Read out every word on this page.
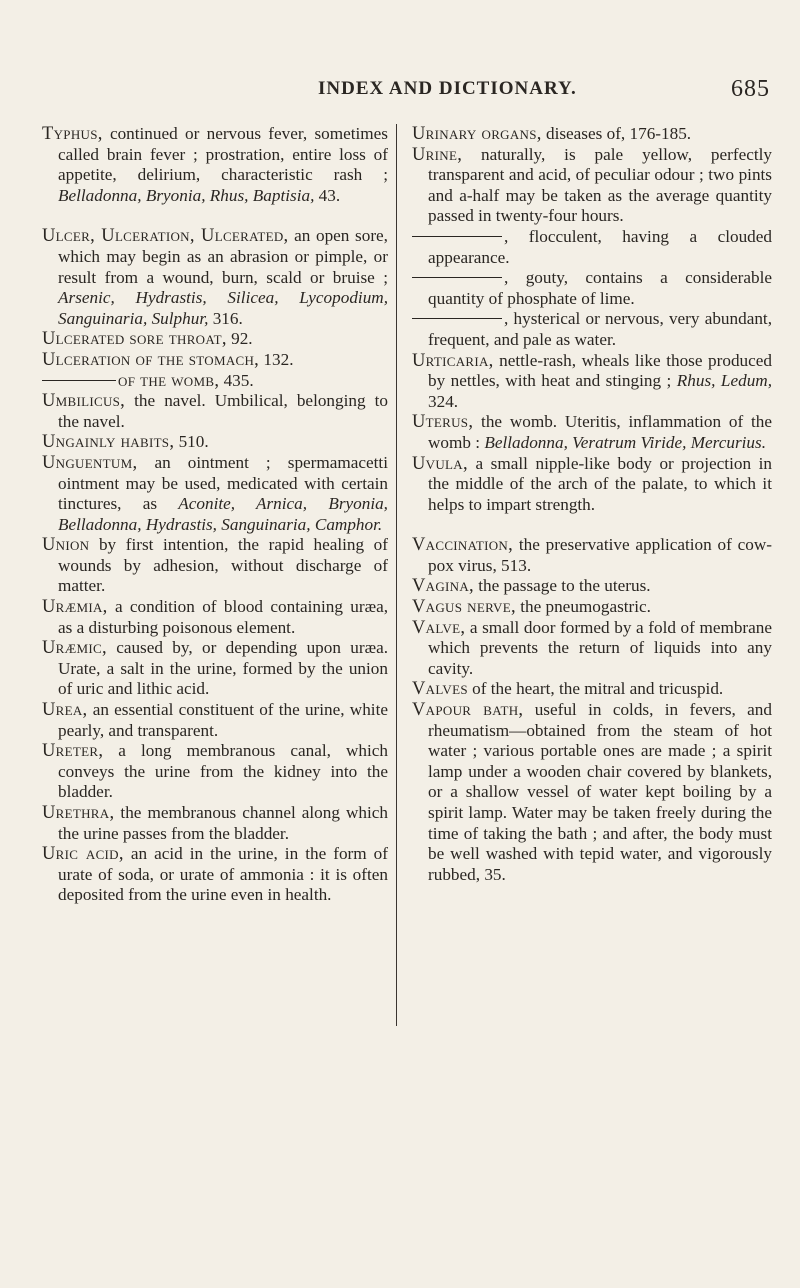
INDEX AND DICTIONARY.	685

Typhus, continued or nervous fever, sometimes called brain fever ; prostration, entire loss of appetite, delirium, characteristic rash ; Belladonna, Bryonia, Rhus, Baptisia, 43.

Ulcer, Ulceration, Ulcerated, an open sore, which may begin as an abrasion or pimple, or result from a wound, burn, scald or bruise ; Arsenic, Hydrastis, Silicea, Lycopodium, Sanguinaria, Sulphur, 316.

Ulcerated sore throat, 92.

Ulceration of the stomach, 132.

of the womb, 435.

Umbilicus, the navel. Umbilical, belonging to the navel.

Ungainly habits, 510.

Unguentum, an ointment ; spermamacetti ointment may be used, medicated with certain tinctures, as Aconite, Arnica, Bryonia, Belladonna, Hydrastis, Sanguinaria, Camphor.

Union by first intention, the rapid healing of wounds by adhesion, without discharge of matter.

Uræmia, a condition of blood containing uræa, as a disturbing poisonous element.

Uræmic, caused by, or depending upon uræa. Urate, a salt in the urine, formed by the union of uric and lithic acid.

Urea, an essential constituent of the urine, white pearly, and transparent.

Ureter, a long membranous canal, which conveys the urine from the kidney into the bladder.

Urethra, the membranous channel along which the urine passes from the bladder.

Uric acid, an acid in the urine, in the form of urate of soda, or urate of ammonia : it is often deposited from the urine even in health.

Urinary organs, diseases of, 176-185.

Urine, naturally, is pale yellow, perfectly transparent and acid, of peculiar odour ; two pints and a-half may be taken as the average quantity passed in twenty-four hours.

, flocculent, having a clouded appearance.

, gouty, contains a considerable quantity of phosphate of lime.

, hysterical or nervous, very abundant, frequent, and pale as water.

Urticaria, nettle-rash, wheals like those produced by nettles, with heat and stinging ; Rhus, Ledum, 324.

Uterus, the womb. Uteritis, inflammation of the womb : Belladonna, Veratrum Viride, Mercurius.

Uvula, a small nipple-like body or projection in the middle of the arch of the palate, to which it helps to impart strength.

Vaccination, the preservative application of cow-pox virus, 513.

Vagina, the passage to the uterus.

Vagus nerve, the pneumogastric.

Valve, a small door formed by a fold of membrane which prevents the return of liquids into any cavity.

Valves of the heart, the mitral and tricuspid.

Vapour bath, useful in colds, in fevers, and rheumatism—obtained from the steam of hot water ; various portable ones are made ; a spirit lamp under a wooden chair covered by blankets, or a shallow vessel of water kept boiling by a spirit lamp. Water may be taken freely during the time of taking the bath ; and after, the body must be well washed with tepid water, and vigorously rubbed, 35.
